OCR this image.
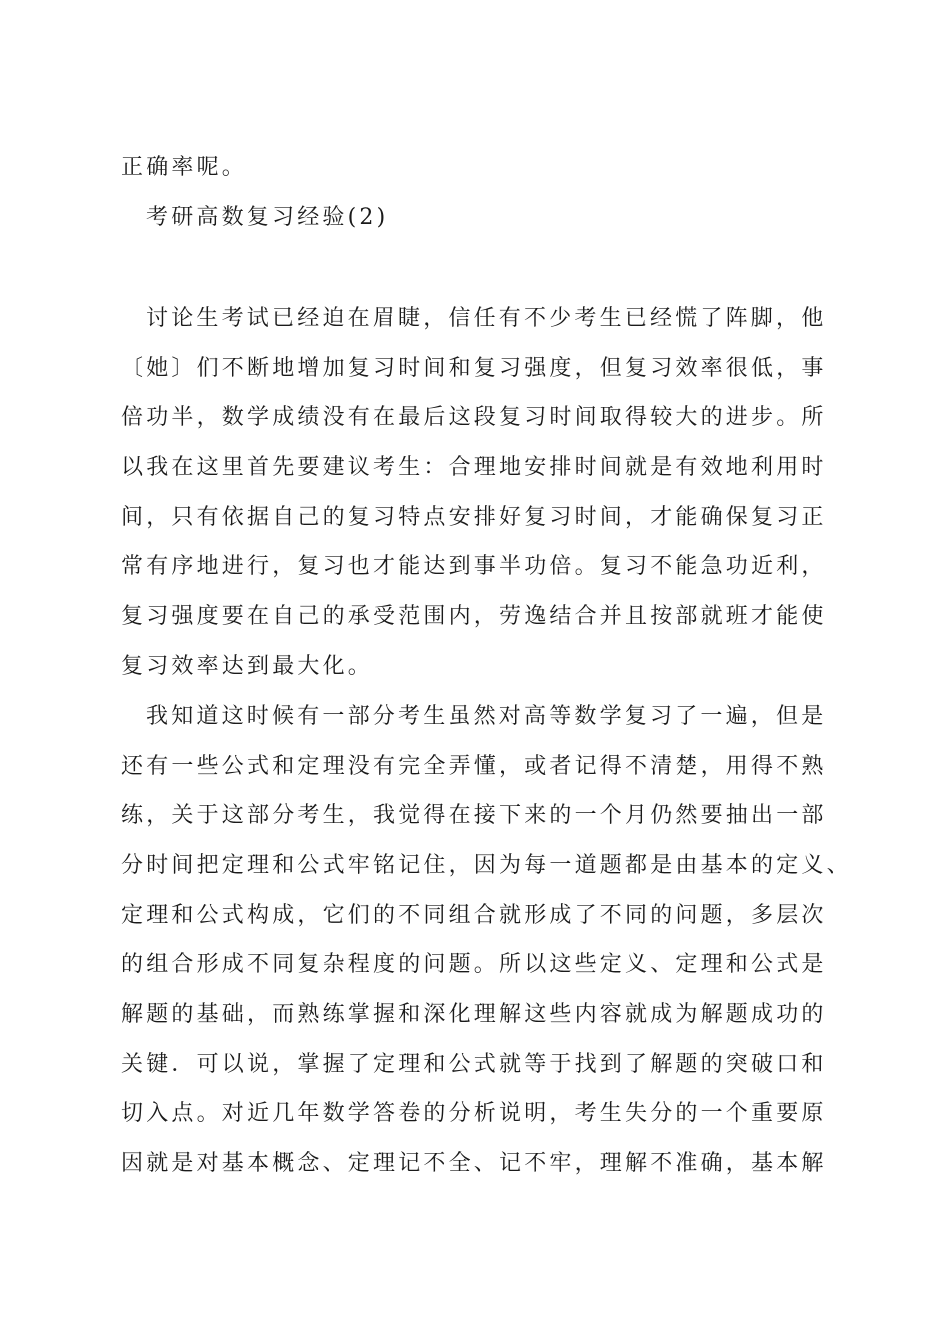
正确率呢。
考研高数复习经验(2)
讨论生考试已经迫在眉睫，信任有不少考生已经慌了阵脚，他
〔她〕们不断地增加复习时间和复习强度，但复习效率很低，事
倍功半，数学成绩没有在最后这段复习时间取得较大的进步。所
以我在这里首先要建议考生：合理地安排时间就是有效地利用时
间，只有依据自己的复习特点安排好复习时间，才能确保复习正
常有序地进行，复习也才能达到事半功倍。复习不能急功近利，
复习强度要在自己的承受范围内，劳逸结合并且按部就班才能使
复习效率达到最大化。
我知道这时候有一部分考生虽然对高等数学复习了一遍，但是
还有一些公式和定理没有完全弄懂，或者记得不清楚，用得不熟
练，关于这部分考生，我觉得在接下来的一个月仍然要抽出一部
分时间把定理和公式牢铭记住，因为每一道题都是由基本的定义、
定理和公式构成，它们的不同组合就形成了不同的问题，多层次
的组合形成不同复杂程度的问题。所以这些定义、定理和公式是
解题的基础，而熟练掌握和深化理解这些内容就成为解题成功的
关键．可以说，掌握了定理和公式就等于找到了解题的突破口和
切入点。对近几年数学答卷的分析说明，考生失分的一个重要原
因就是对基本概念、定理记不全、记不牢，理解不准确，基本解
